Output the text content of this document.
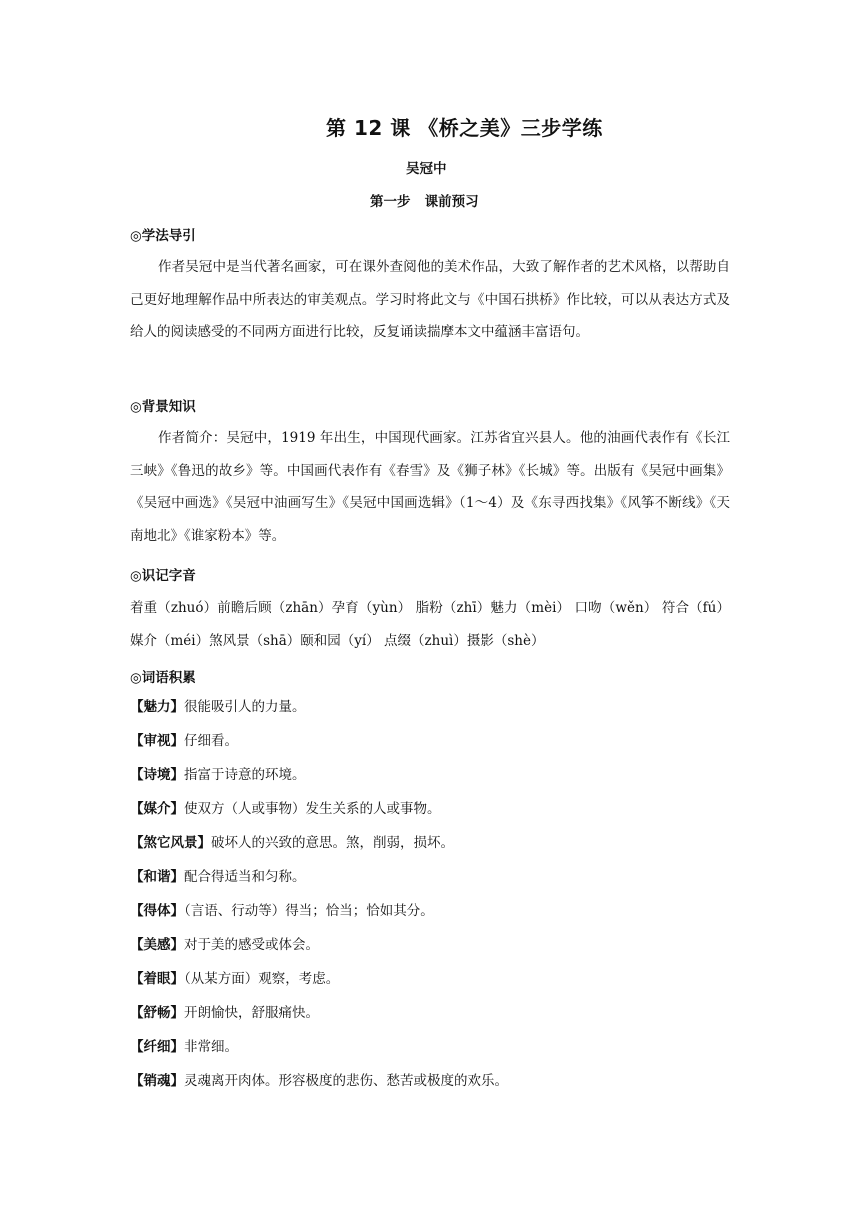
第 12 课 《桥之美》三步学练
吴冠中
第一步   课前预习
◎学法导引
作者吴冠中是当代著名画家，可在课外查阅他的美术作品，大致了解作者的艺术风格，以帮助自己更好地理解作品中所表达的审美观点。学习时将此文与《中国石拱桥》作比较，可以从表达方式及给人的阅读感受的不同两方面进行比较，反复诵读揣摩本文中蕴涵丰富语句。
◎背景知识
作者简介：吴冠中，1919 年出生，中国现代画家。江苏省宜兴县人。他的油画代表作有《长江三峡》《鲁迅的故乡》等。中国画代表作有《春雪》及《狮子林》《长城》等。出版有《吴冠中画集》《吴冠中画选》《吴冠中油画写生》《吴冠中国画选辑》（1～4）及《东寻西找集》《风筝不断线》《天南地北》《谁家粉本》等。
◎识记字音
着重（zhuó）前瞻后顾（zhān）孕育（yùn） 脂粉（zhī）魅力（mèi） 口吻（wěn） 符合（fú）媒介（méi）煞风景（shā）颐和园（yí） 点缀（zhuì）摄影（shè）
◎词语积累
【魅力】很能吸引人的力量。
【审视】仔细看。
【诗境】指富于诗意的环境。
【媒介】使双方（人或事物）发生关系的人或事物。
【煞它风景】破坏人的兴致的意思。煞，削弱，损坏。
【和谐】配合得适当和匀称。
【得体】（言语、行动等）得当；恰当；恰如其分。
【美感】对于美的感受或体会。
【着眼】（从某方面）观察，考虑。
【舒畅】开朗愉快，舒服痛快。
【纤细】非常细。
【销魂】灵魂离开肉体。形容极度的悲伤、愁苦或极度的欢乐。
